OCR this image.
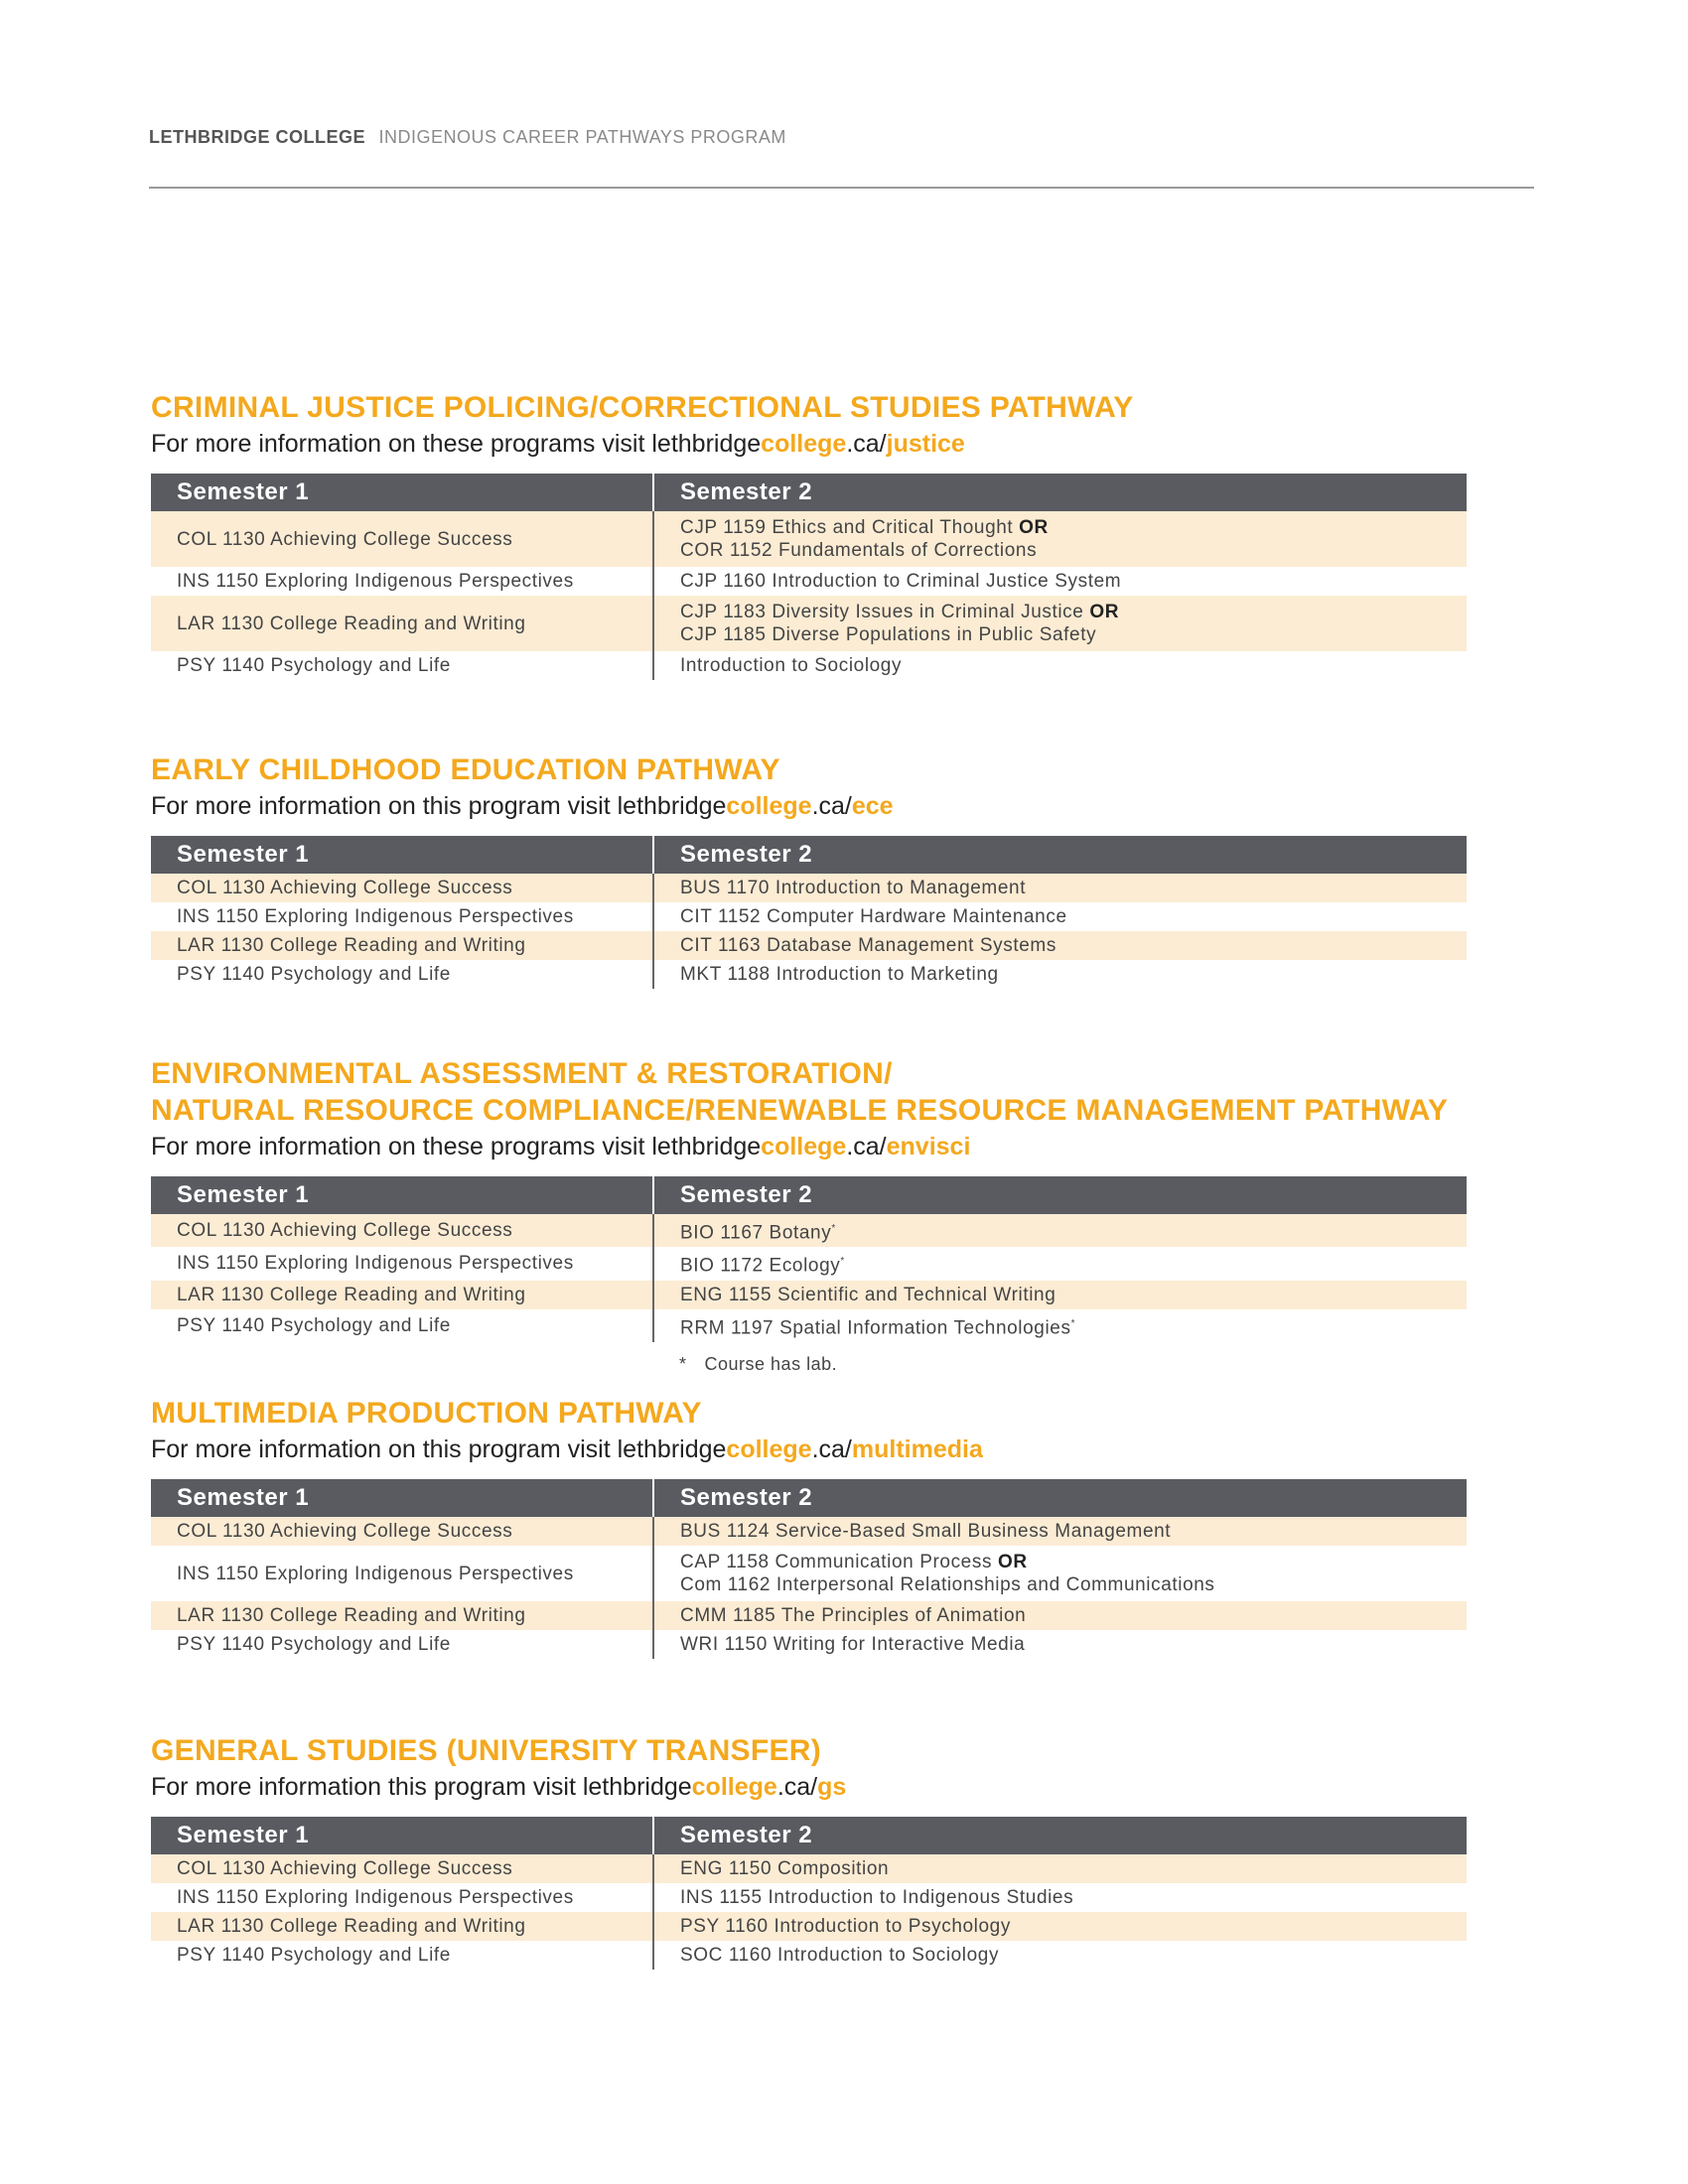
LETHBRIDGE COLLEGE INDIGENOUS CAREER PATHWAYS PROGRAM
CRIMINAL JUSTICE POLICING/CORRECTIONAL STUDIES PATHWAY
For more information on these programs visit lethbridgecollege.ca/justice
Semester 1	Semester 2
COL 1130 Achieving College Success	CJP 1159 Ethics and Critical Thought OR
COR 1152 Fundamentals of Corrections
INS 1150 Exploring Indigenous Perspectives	CJP 1160 Introduction to Criminal Justice System
LAR 1130 College Reading and Writing	CJP 1183 Diversity Issues in Criminal Justice OR
CJP 1185 Diverse Populations in Public Safety
PSY 1140 Psychology and Life	Introduction to Sociology
EARLY CHILDHOOD EDUCATION PATHWAY
For more information on this program visit lethbridgecollege.ca/ece
Semester 1	Semester 2
COL 1130 Achieving College Success	BUS 1170 Introduction to Management
INS 1150 Exploring Indigenous Perspectives	CIT 1152 Computer Hardware Maintenance
LAR 1130 College Reading and Writing	CIT 1163 Database Management Systems
PSY 1140 Psychology and Life	MKT 1188 Introduction to Marketing
ENVIRONMENTAL ASSESSMENT & RESTORATION/
NATURAL RESOURCE COMPLIANCE/RENEWABLE RESOURCE MANAGEMENT PATHWAY
For more information on these programs visit lethbridgecollege.ca/envisci
Semester 1	Semester 2
COL 1130 Achieving College Success	BIO 1167 Botany*
INS 1150 Exploring Indigenous Perspectives	BIO 1172 Ecology*
LAR 1130 College Reading and Writing	ENG 1155 Scientific and Technical Writing
PSY 1140 Psychology and Life	RRM 1197 Spatial Information Technologies*
* Course has lab.
MULTIMEDIA PRODUCTION PATHWAY
For more information on this program visit lethbridgecollege.ca/multimedia
Semester 1	Semester 2
COL 1130 Achieving College Success	BUS 1124 Service-Based Small Business Management
INS 1150 Exploring Indigenous Perspectives	CAP 1158 Communication Process OR
Com 1162 Interpersonal Relationships and Communications
LAR 1130 College Reading and Writing	CMM 1185 The Principles of Animation
PSY 1140 Psychology and Life	WRI 1150 Writing for Interactive Media
GENERAL STUDIES (UNIVERSITY TRANSFER)
For more information this program visit lethbridgecollege.ca/gs
Semester 1	Semester 2
COL 1130 Achieving College Success	ENG 1150 Composition
INS 1150 Exploring Indigenous Perspectives	INS 1155 Introduction to Indigenous Studies
LAR 1130 College Reading and Writing	PSY 1160 Introduction to Psychology
PSY 1140 Psychology and Life	SOC 1160 Introduction to Sociology
